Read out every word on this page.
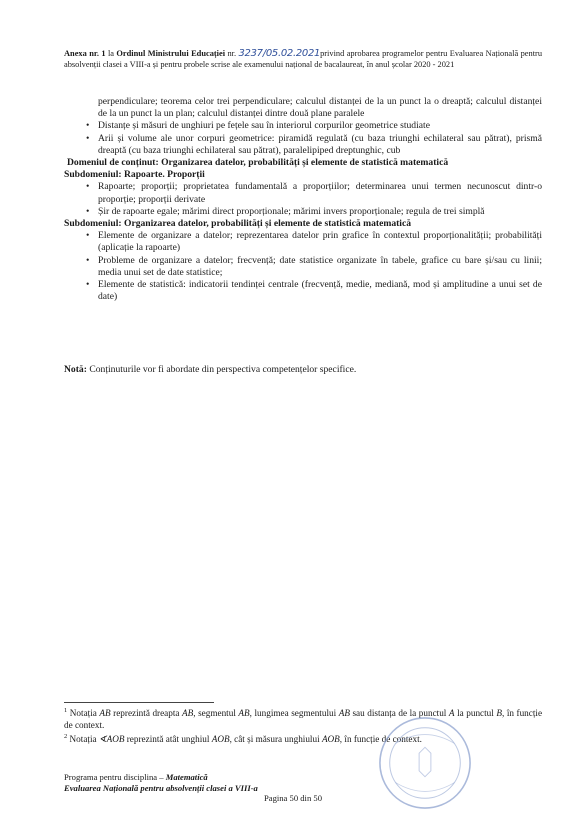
Anexa nr. 1 la Ordinul Ministrului Educației nr. 3237/05.02.2021privind aprobarea programelor pentru Evaluarea Națională pentru absolvenții clasei a VIII-a și pentru probele scrise ale examenului național de bacalaureat, în anul școlar 2020 - 2021

perpendiculare; teorema celor trei perpendiculare; calculul distanței de la un punct la o dreaptă; calculul distanței de la un punct la un plan; calculul distanței dintre două plane paralele

• Distanțe și măsuri de unghiuri pe fețele sau în interiorul corpurilor geometrice studiate
• Arii și volume ale unor corpuri geometrice: piramidă regulată (cu baza triunghi echilateral sau pătrat), prismă dreaptă (cu baza triunghi echilateral sau pătrat), paralelipiped dreptunghic, cub

Domeniul de conținut: Organizarea datelor, probabilități și elemente de statistică matematică

Subdomeniul: Rapoarte. Proporții

• Rapoarte; proporții; proprietatea fundamentală a proporțiilor; determinarea unui termen necunoscut dintr-o proporție; proporții derivate
• Șir de rapoarte egale; mărimi direct proporționale; mărimi invers proporționale; regula de trei simplă

Subdomeniul: Organizarea datelor, probabilități și elemente de statistică matematică

• Elemente de organizare a datelor; reprezentarea datelor prin grafice în contextul proporționalității; probabilități (aplicație la rapoarte)
• Probleme de organizare a datelor; frecvență; date statistice organizate în tabele, grafice cu bare și/sau cu linii; media unui set de date statistice;
• Elemente de statistică: indicatorii tendinței centrale (frecvență, medie, mediană, mod și amplitudine a unui set de date)
Notă: Conținuturile vor fi abordate din perspectiva competențelor specifice.

$^1$ Notația AB reprezintă dreapta AB, segmentul AB, lungimea segmentului AB sau distanța de la punctul A la punctul B, în funcție de context.

$^2$ Notația ∢AOB reprezintă atât unghiul AOB, cât și măsura unghiului AOB, în funcție de context.

Programa pentru disciplina – Matematică
Evaluarea Națională pentru absolvenții clasei a VIII-a
Pagina 50 din 50
